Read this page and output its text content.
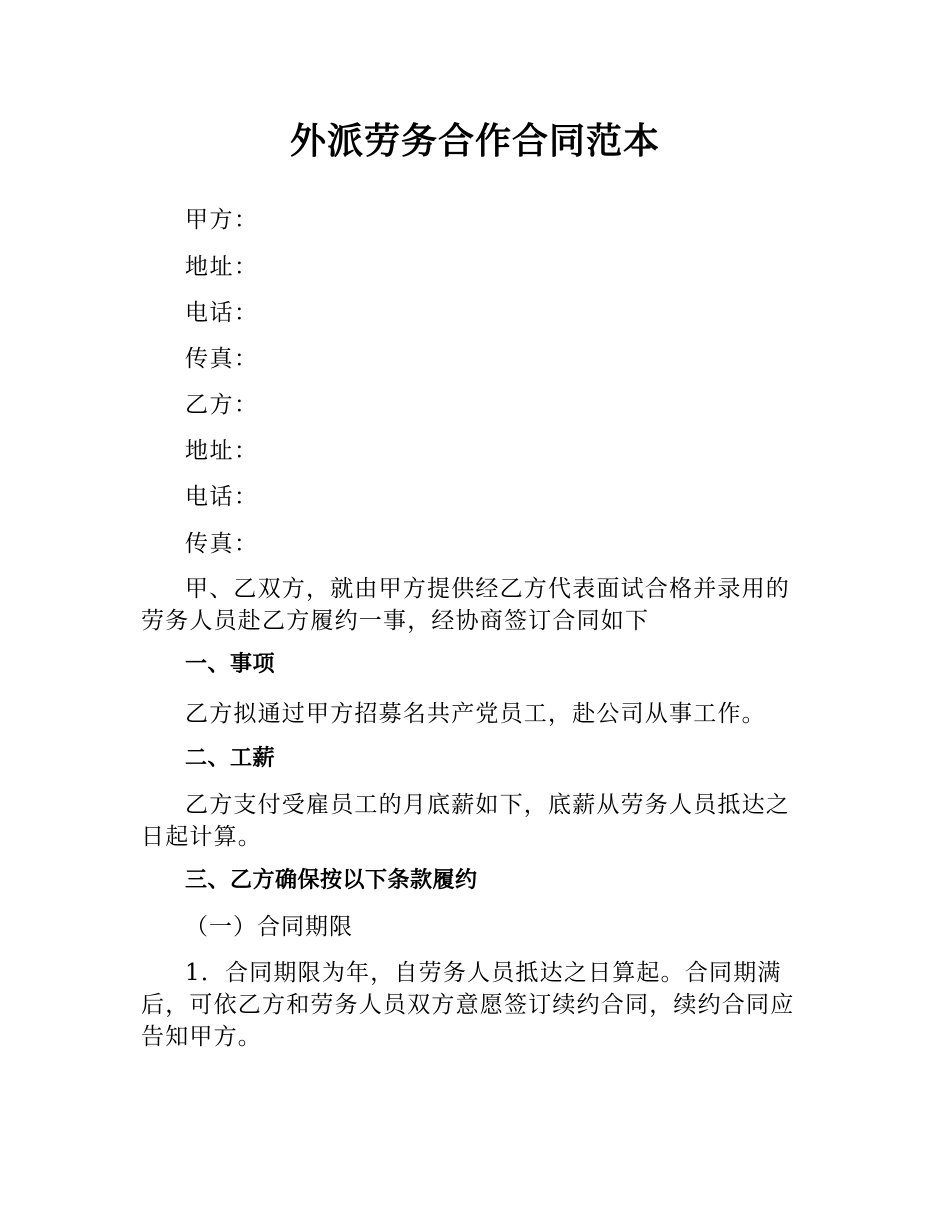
外派劳务合作合同范本
甲方：
地址：
电话：
传真：
乙方：
地址：
电话：
传真：
甲、乙双方，就由甲方提供经乙方代表面试合格并录用的劳务人员赴乙方履约一事，经协商签订合同如下
一、事项
乙方拟通过甲方招募名共产党员工，赴公司从事工作。
二、工薪
乙方支付受雇员工的月底薪如下，底薪从劳务人员抵达之日起计算。
三、乙方确保按以下条款履约
（一）合同期限
1．合同期限为年，自劳务人员抵达之日算起。合同期满后，可依乙方和劳务人员双方意愿签订续约合同，续约合同应告知甲方。
